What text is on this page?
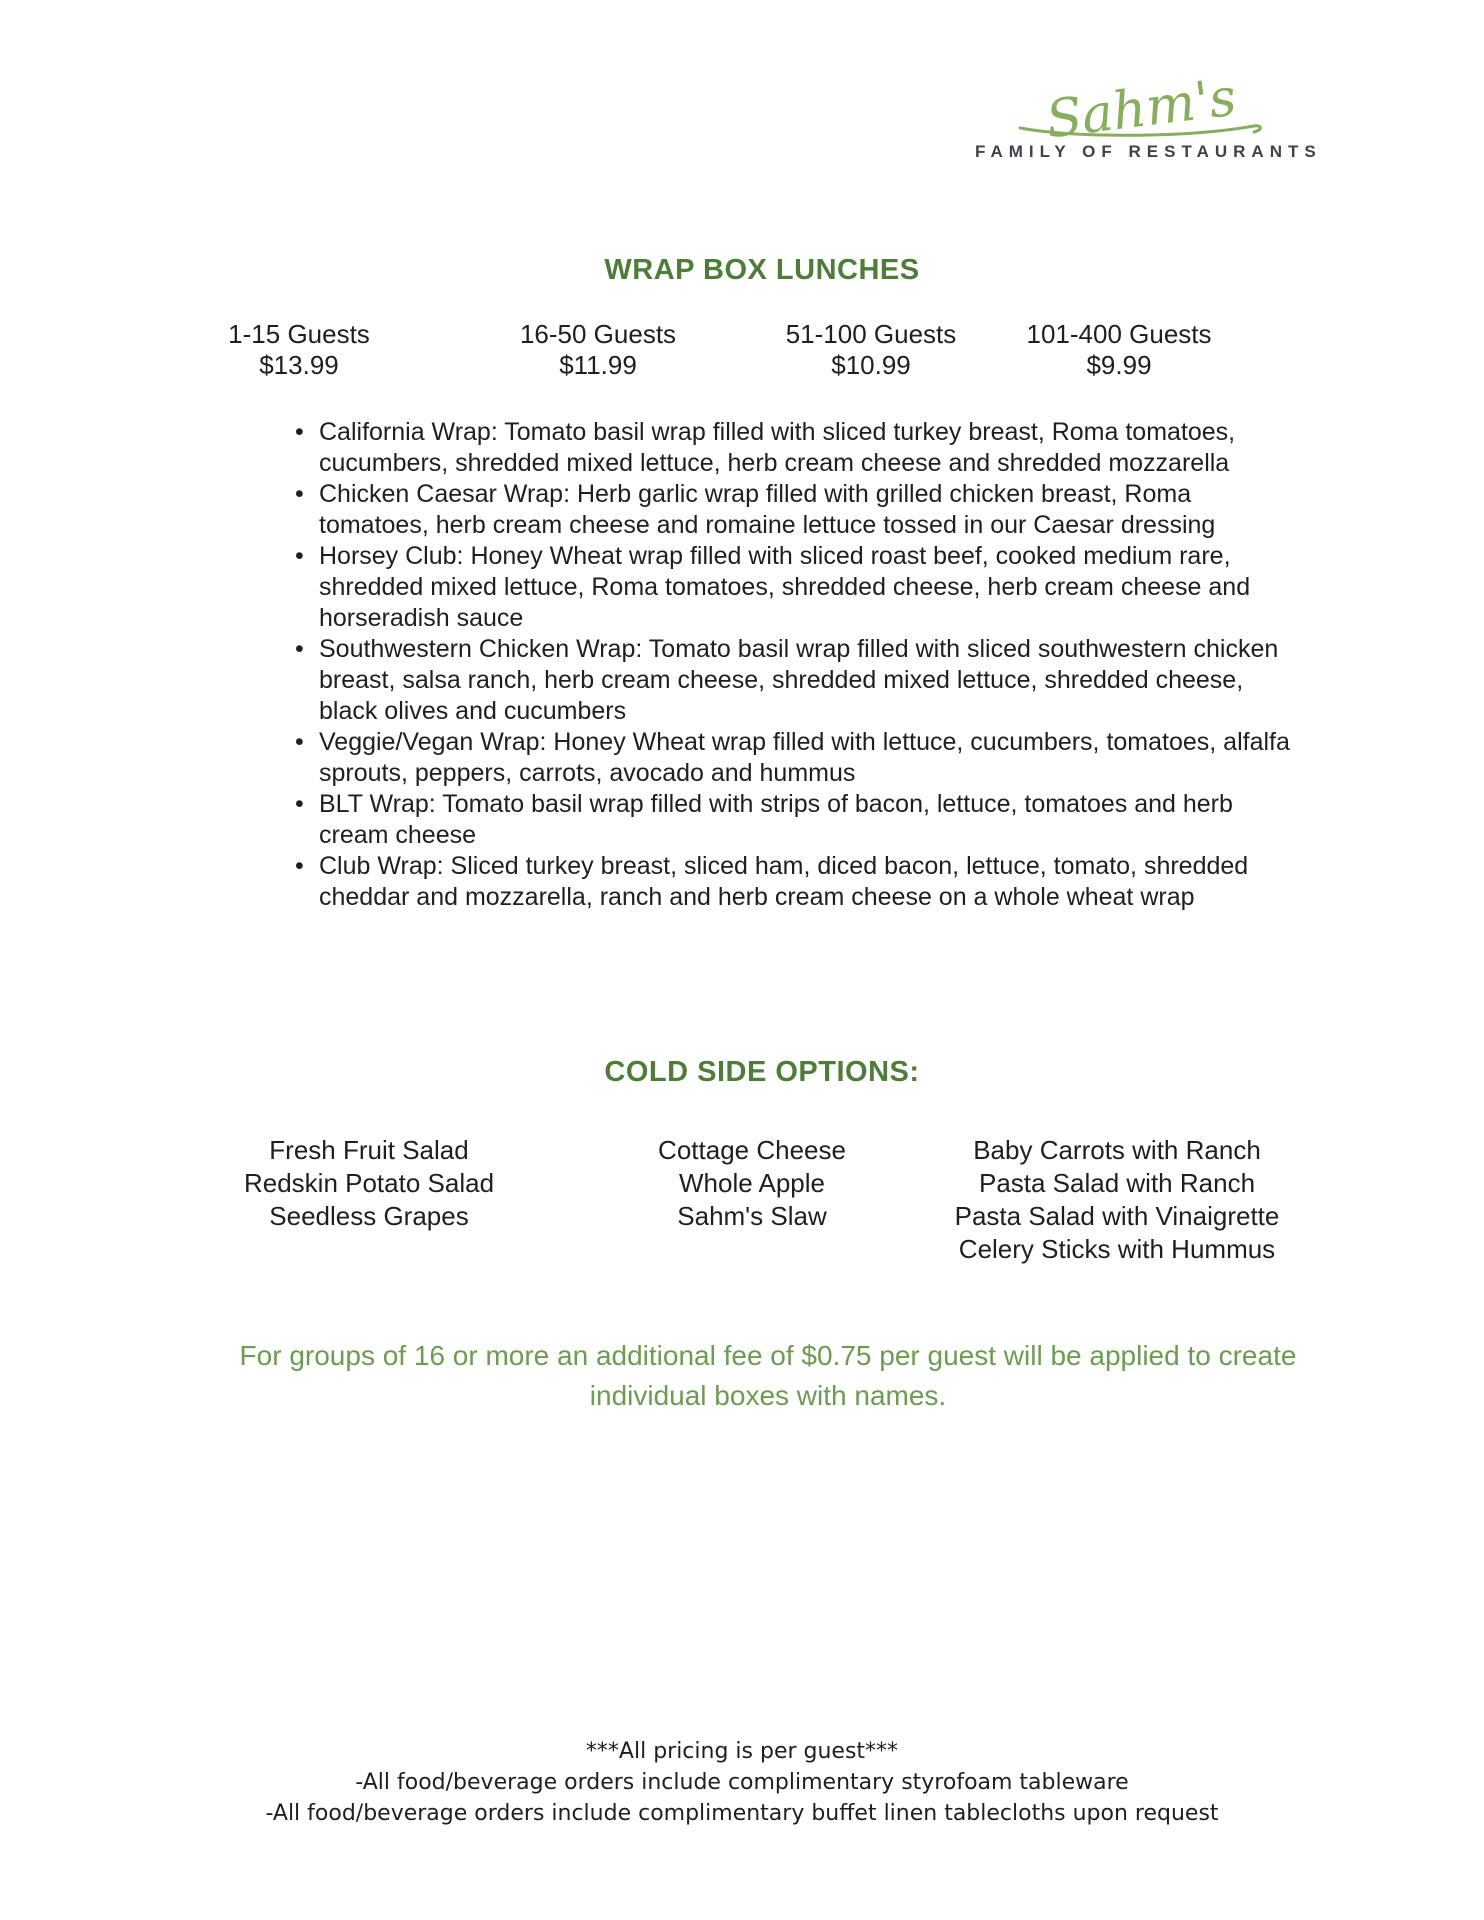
Sahm's
FAMILY OF RESTAURANTS
WRAP BOX LUNCHES
1-15 Guests
$13.99
16-50 Guests
$11.99
51-100 Guests
$10.99
101-400 Guests
$9.99
• California Wrap: Tomato basil wrap filled with sliced turkey breast, Roma tomatoes, cucumbers, shredded mixed lettuce, herb cream cheese and shredded mozzarella
• Chicken Caesar Wrap: Herb garlic wrap filled with grilled chicken breast, Roma tomatoes, herb cream cheese and romaine lettuce tossed in our Caesar dressing
• Horsey Club: Honey Wheat wrap filled with sliced roast beef, cooked medium rare, shredded mixed lettuce, Roma tomatoes, shredded cheese, herb cream cheese and horseradish sauce
• Southwestern Chicken Wrap: Tomato basil wrap filled with sliced southwestern chicken breast, salsa ranch, herb cream cheese, shredded mixed lettuce, shredded cheese, black olives and cucumbers
• Veggie/Vegan Wrap: Honey Wheat wrap filled with lettuce, cucumbers, tomatoes, alfalfa sprouts, peppers, carrots, avocado and hummus
• BLT Wrap: Tomato basil wrap filled with strips of bacon, lettuce, tomatoes and herb cream cheese
• Club Wrap: Sliced turkey breast, sliced ham, diced bacon, lettuce, tomato, shredded cheddar and mozzarella, ranch and herb cream cheese on a whole wheat wrap
COLD SIDE OPTIONS:
Fresh Fruit Salad
Redskin Potato Salad
Seedless Grapes
Cottage Cheese
Whole Apple
Sahm's Slaw
Baby Carrots with Ranch
Pasta Salad with Ranch
Pasta Salad with Vinaigrette
Celery Sticks with Hummus
For groups of 16 or more an additional fee of $0.75 per guest will be applied to create
individual boxes with names.
***All pricing is per guest***
-All food/beverage orders include complimentary styrofoam tableware
-All food/beverage orders include complimentary buffet linen tablecloths upon request
